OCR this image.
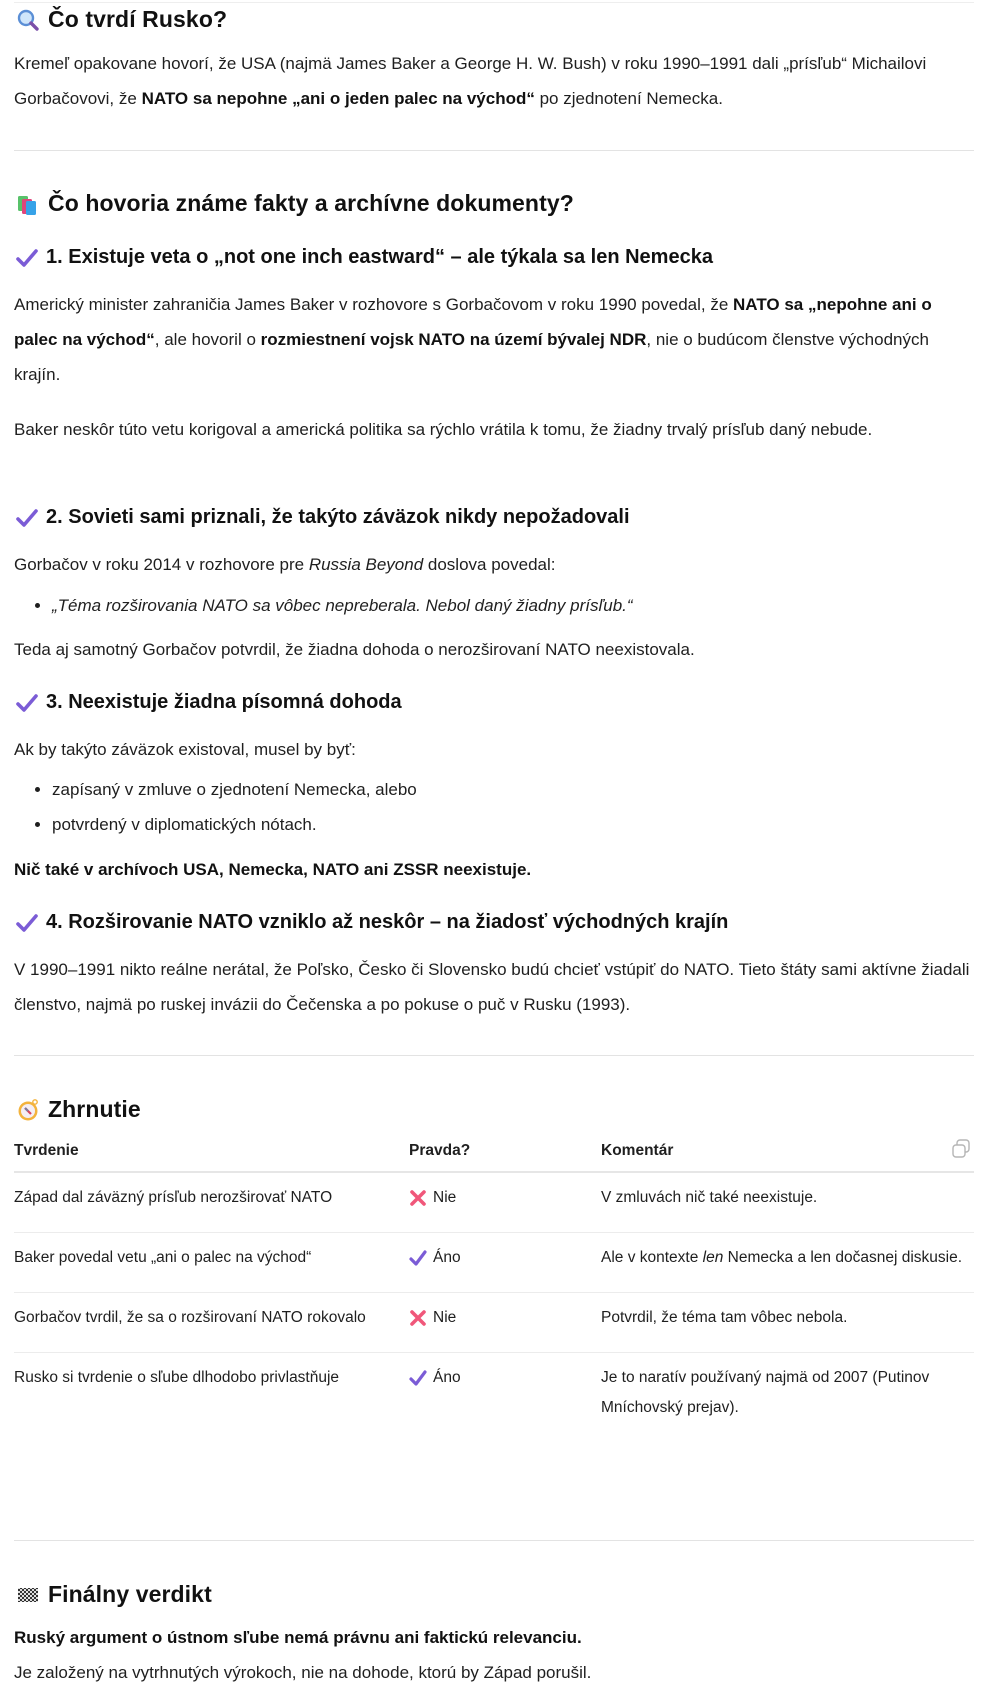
Čo tvrdí Rusko?

Kremeľ opakovane hovorí, že USA (najmä James Baker a George H. W. Bush) v roku 1990–1991 dali „prísľub“ Michailovi Gorbačovovi, že NATO sa nepohne „ani o jeden palec na východ“ po zjednotení Nemecka.

Čo hovoria známe fakty a archívne dokumenty?
1. Existuje veta o „not one inch eastward“ – ale týkala sa len Nemecka

Americký minister zahraničia James Baker v rozhovore s Gorbačovom v roku 1990 povedal, že NATO sa „nepohne ani o palec na východ“, ale hovoril o rozmiestnení vojsk NATO na území bývalej NDR, nie o budúcom členstve východných krajín.

Baker neskôr túto vetu korigoval a americká politika sa rýchlo vrátila k tomu, že žiadny trvalý prísľub daný nebude.

2. Sovieti sami priznali, že takýto záväzok nikdy nepožadovali

Gorbačov v roku 2014 v rozhovore pre Russia Beyond doslova povedal:

• „Téma rozširovania NATO sa vôbec nepreberala. Nebol daný žiadny prísľub.“

Teda aj samotný Gorbačov potvrdil, že žiadna dohoda o nerozširovaní NATO neexistovala.

3. Neexistuje žiadna písomná dohoda

Ak by takýto záväzok existoval, musel by byť:

• zapísaný v zmluve o zjednotení Nemecka, alebo
• potvrdený v diplomatických nótach.

Nič také v archívoch USA, Nemecka, NATO ani ZSSR neexistuje.

4. Rozširovanie NATO vzniklo až neskôr – na žiadosť východných krajín

V 1990–1991 nikto reálne nerátal, že Poľsko, Česko či Slovensko budú chcieť vstúpiť do NATO. Tieto štáty sami aktívne žiadali členstvo, najmä po ruskej invázii do Čečenska a po pokuse o puč v Rusku (1993).

Zhrnutie
Tvrdenie	Pravda?	Komentár
Západ dal záväzný prísľub nerozširovať NATO	Nie	V zmluvách nič také neexistuje.
Baker povedal vetu „ani o palec na východ“	Áno	Ale v kontexte len Nemecka a len dočasnej diskusie.
Gorbačov tvrdil, že sa o rozširovaní NATO rokovalo	Nie	Potvrdil, že téma tam vôbec nebola.
Rusko si tvrdenie o sľube dlhodobo privlastňuje	Áno	Je to naratív používaný najmä od 2007 (Putinov Mníchovský prejav).
Finálny verdikt

Ruský argument o ústnom sľube nemá právnu ani faktickú relevanciu.

Je založený na vytrhnutých výrokoch, nie na dohode, ktorú by Západ porušil.
